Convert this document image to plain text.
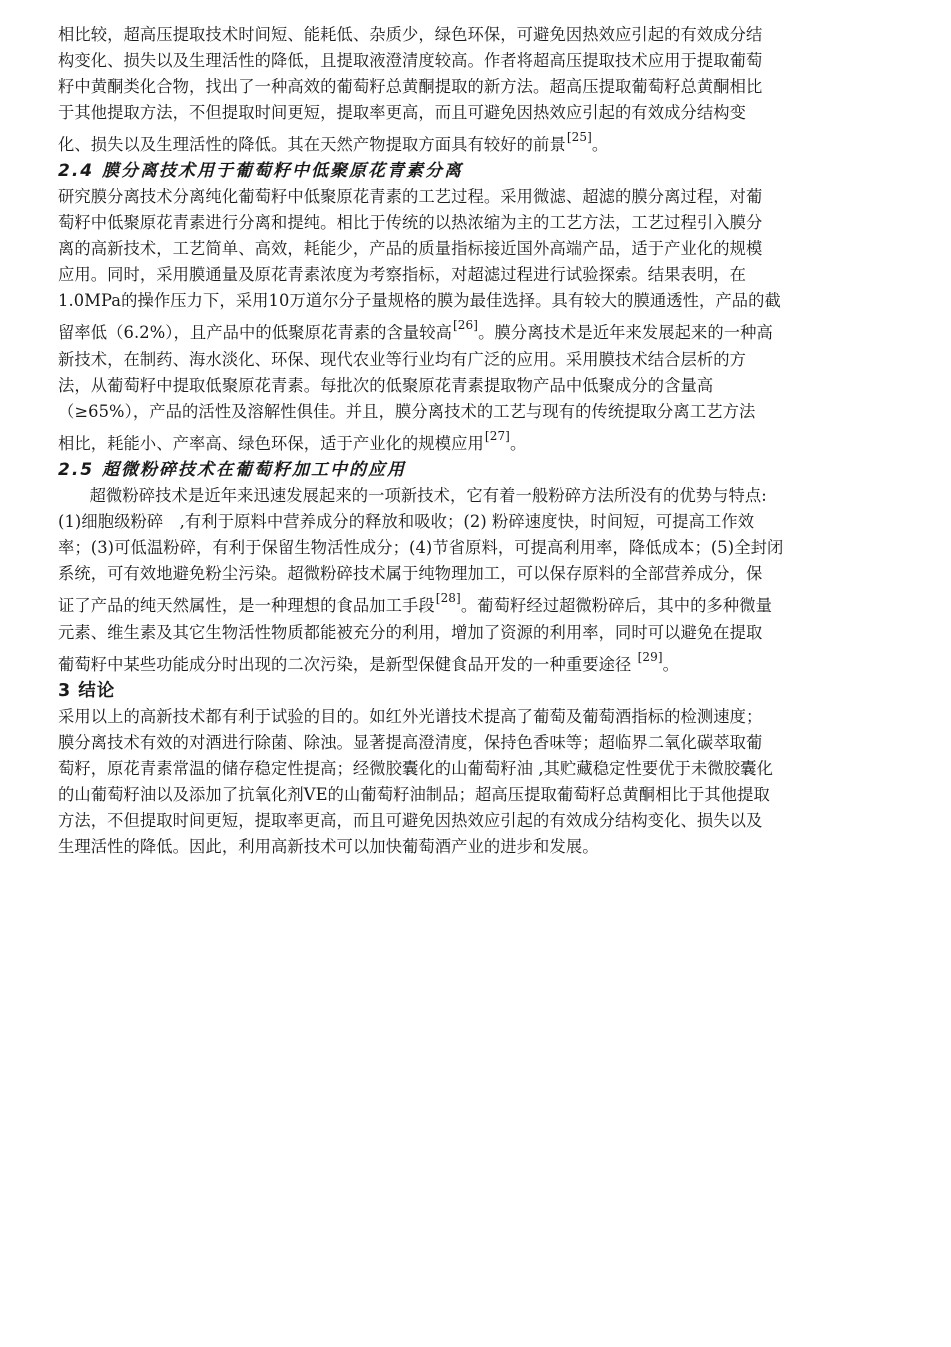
相比较，超高压提取技术时间短、能耗低、杂质少，绿色环保，可避免因热效应引起的有效成分结
构变化、损失以及生理活性的降低，且提取液澄清度较高。作者将超高压提取技术应用于提取葡萄
籽中黄酮类化合物，找出了一种高效的葡萄籽总黄酮提取的新方法。超高压提取葡萄籽总黄酮相比
于其他提取方法，不但提取时间更短，提取率更高，而且可避免因热效应引起的有效成分结构变
化、损失以及生理活性的降低。其在天然产物提取方面具有较好的前景[25]。

2.4 膜分离技术用于葡萄籽中低聚原花青素分离

研究膜分离技术分离纯化葡萄籽中低聚原花青素的工艺过程。采用微滤、超滤的膜分离过程，对葡
萄籽中低聚原花青素进行分离和提纯。相比于传统的以热浓缩为主的工艺方法，工艺过程引入膜分
离的高新技术，工艺简单、高效，耗能少，产品的质量指标接近国外高端产品，适于产业化的规模
应用。同时，采用膜通量及原花青素浓度为考察指标，对超滤过程进行试验探索。结果表明，在
1.0MPa的操作压力下，采用10万道尔分子量规格的膜为最佳选择。具有较大的膜通透性，产品的截
留率低（6.2%），且产品中的低聚原花青素的含量较高[26]。膜分离技术是近年来发展起来的一种高
新技术，在制药、海水淡化、环保、现代农业等行业均有广泛的应用。采用膜技术结合层析的方
法，从葡萄籽中提取低聚原花青素。每批次的低聚原花青素提取物产品中低聚成分的含量高
（≥65%），产品的活性及溶解性俱佳。并且，膜分离技术的工艺与现有的传统提取分离工艺方法
相比，耗能小、产率高、绿色环保，适于产业化的规模应用[27]。

2.5 超微粉碎技术在葡萄籽加工中的应用

超微粉碎技术是近年来迅速发展起来的一项新技术，它有着一般粉碎方法所没有的优势与特点:
(1)细胞级粉碎　,有利于原料中营养成分的释放和吸收；(2) 粉碎速度快，时间短，可提高工作效
率；(3)可低温粉碎，有利于保留生物活性成分；(4)节省原料，可提高利用率，降低成本；(5)全封闭
系统，可有效地避免粉尘污染。超微粉碎技术属于纯物理加工，可以保存原料的全部营养成分，保
证了产品的纯天然属性，是一种理想的食品加工手段[28]。葡萄籽经过超微粉碎后，其中的多种微量
元素、维生素及其它生物活性物质都能被充分的利用，增加了资源的利用率，同时可以避免在提取
葡萄籽中某些功能成分时出现的二次污染，是新型保健食品开发的一种重要途径 [29]。

3 结论

采用以上的高新技术都有利于试验的目的。如红外光谱技术提高了葡萄及葡萄酒指标的检测速度；
膜分离技术有效的对酒进行除菌、除浊。显著提高澄清度，保持色香味等；超临界二氧化碳萃取葡
萄籽，原花青素常温的储存稳定性提高；经微胶囊化的山葡萄籽油 ,其贮藏稳定性要优于未微胶囊化
的山葡萄籽油以及添加了抗氧化剂VE的山葡萄籽油制品；超高压提取葡萄籽总黄酮相比于其他提取
方法，不但提取时间更短，提取率更高，而且可避免因热效应引起的有效成分结构变化、损失以及
生理活性的降低。因此，利用高新技术可以加快葡萄酒产业的进步和发展。
